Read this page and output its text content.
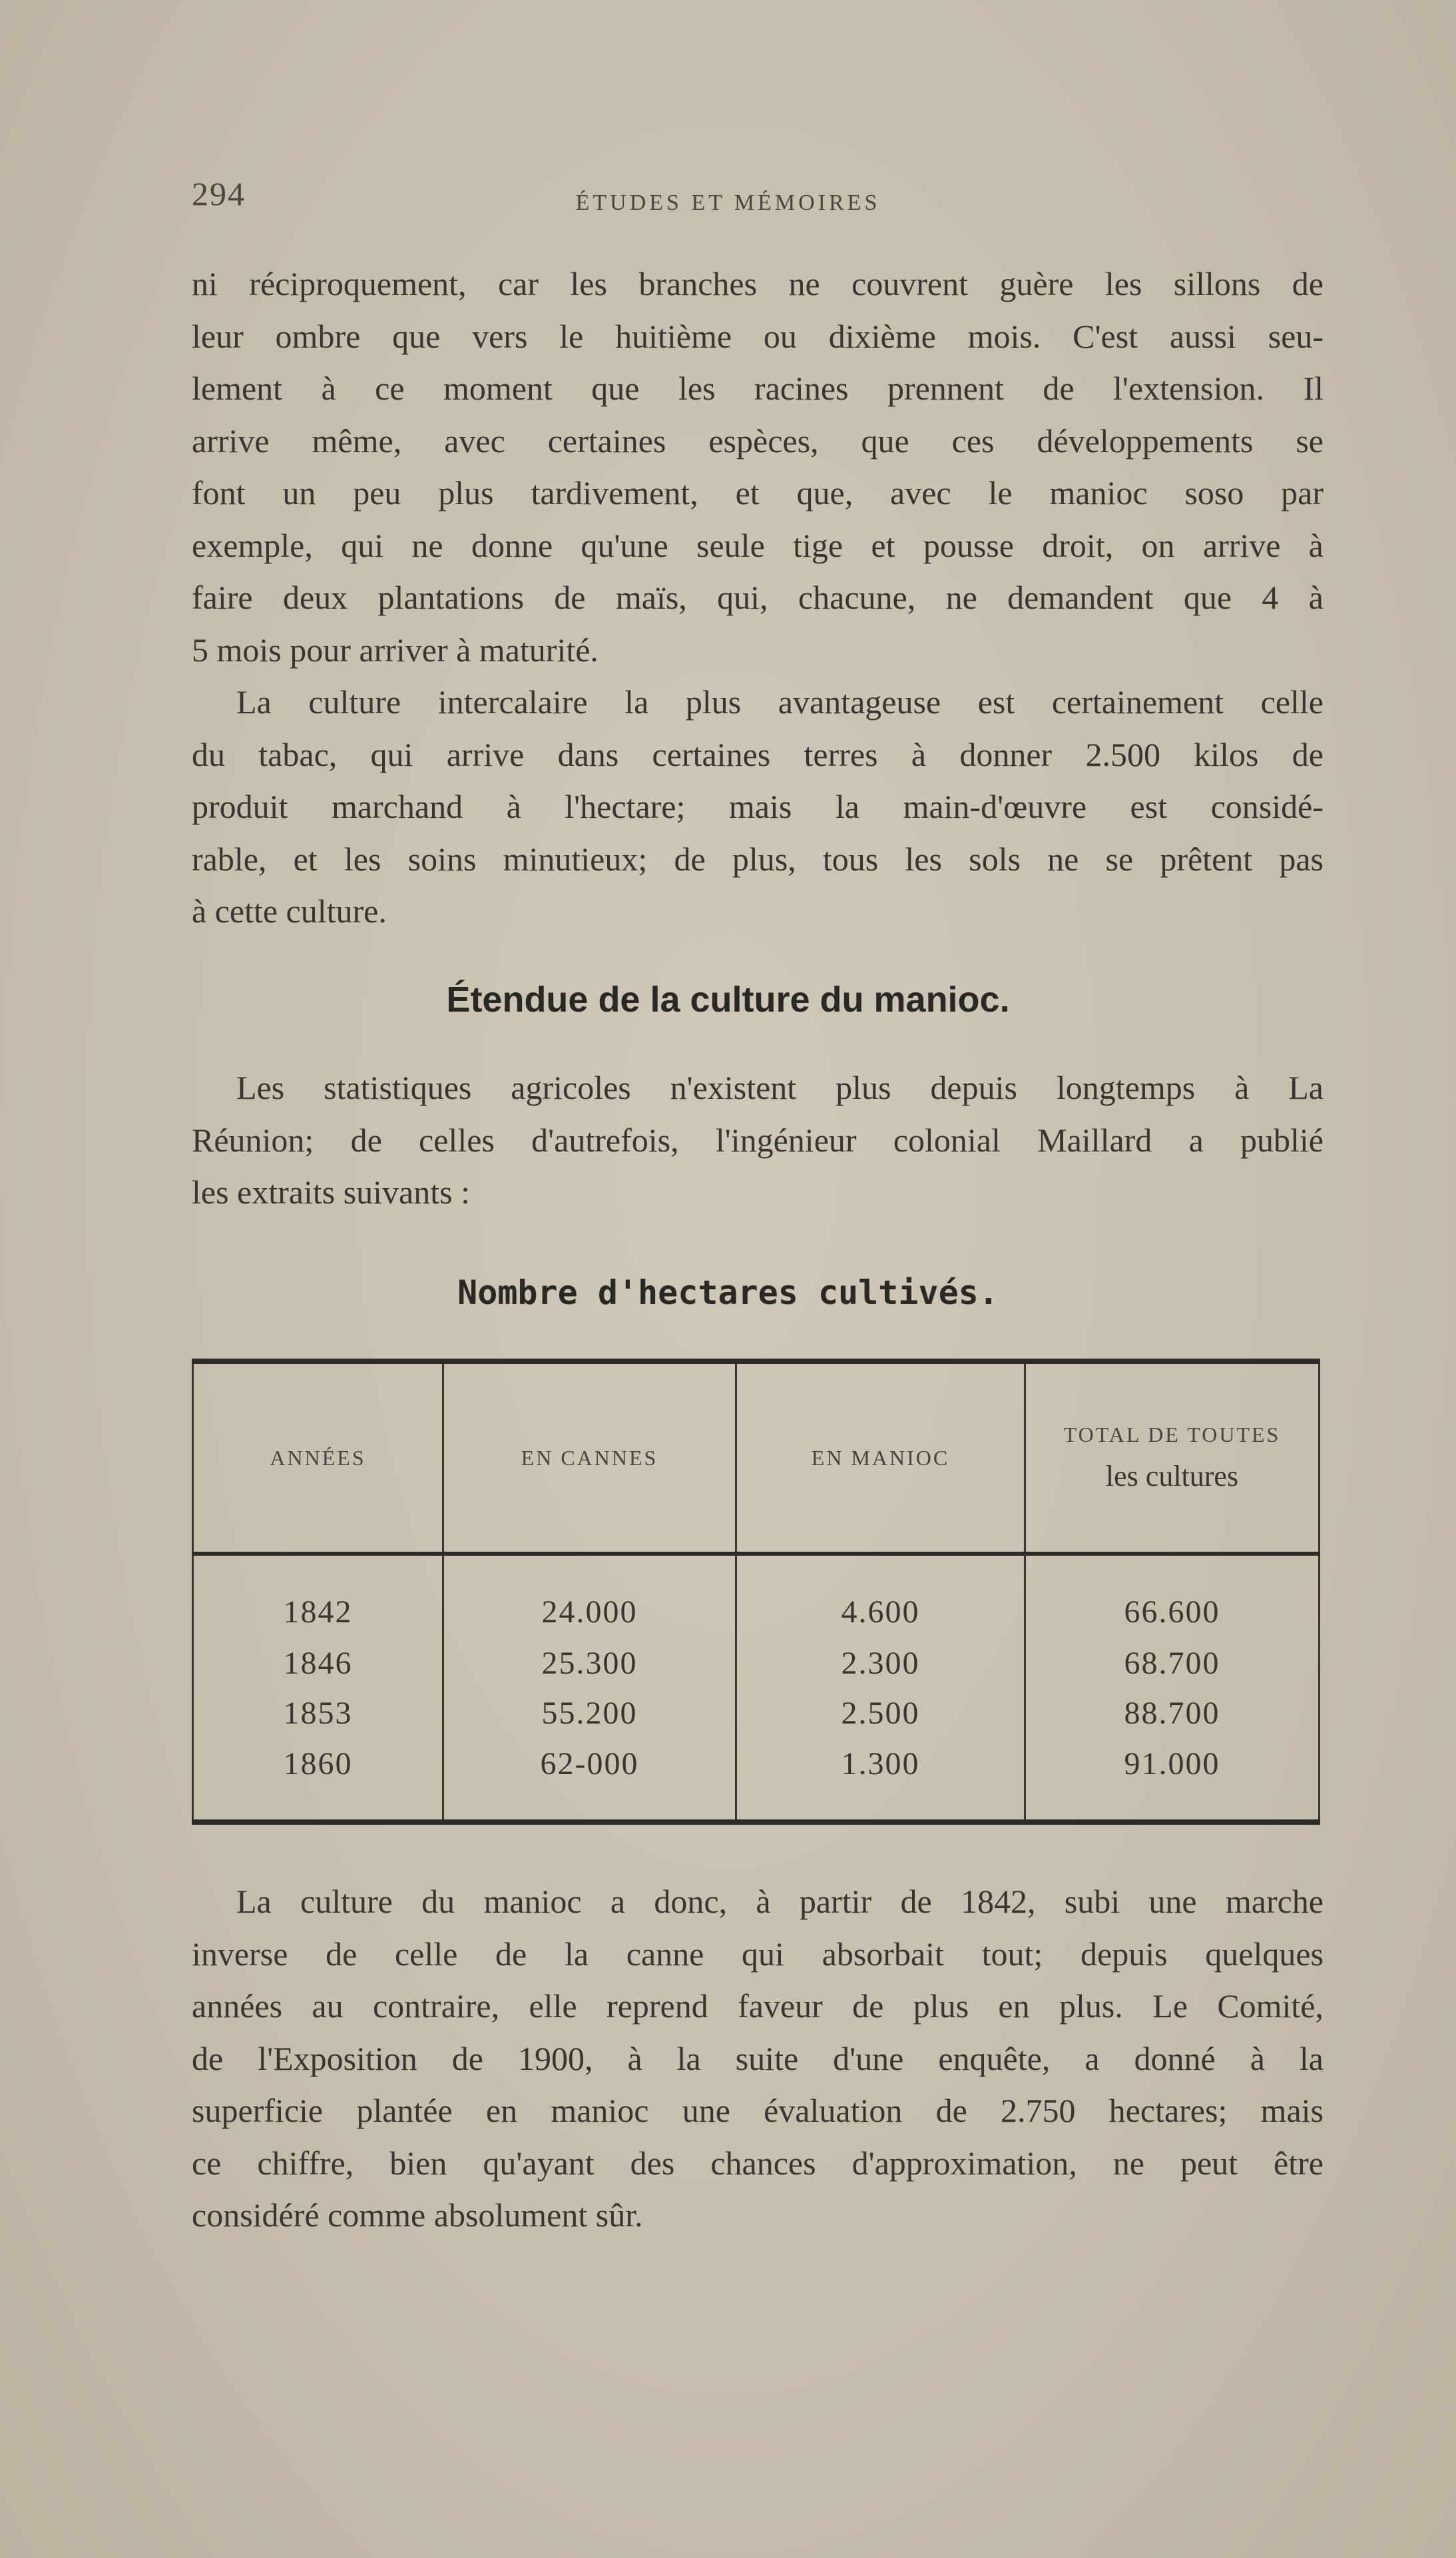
294	ÉTUDES ET MÉMOIRES
ni réciproquement, car les branches ne couvrent guère les sillons de
leur ombre que vers le huitième ou dixième mois. C'est aussi seu-
lement à ce moment que les racines prennent de l'extension. Il
arrive même, avec certaines espèces, que ces développements se
font un peu plus tardivement, et que, avec le manioc soso par
exemple, qui ne donne qu'une seule tige et pousse droit, on arrive à
faire deux plantations de maïs, qui, chacune, ne demandent que 4 à
5 mois pour arriver à maturité.
La culture intercalaire la plus avantageuse est certainement celle
du tabac, qui arrive dans certaines terres à donner 2.500 kilos de
produit marchand à l'hectare; mais la main-d'œuvre est considé-
rable, et les soins minutieux; de plus, tous les sols ne se prêtent pas
à cette culture.
Étendue de la culture du manioc.
Les statistiques agricoles n'existent plus depuis longtemps à La
Réunion; de celles d'autrefois, l'ingénieur colonial Maillard a publié
les extraits suivants :
Nombre d'hectares cultivés.
ANNÉES	EN CANNES	EN MANIOC	TOTAL DE TOUTES
les cultures

1842	24.000	4.600	66.600
1846	25.300	2.300	68.700
1853	55.200	2.500	88.700
1860	62-000	1.300	91.000

La culture du manioc a donc, à partir de 1842, subi une marche
inverse de celle de la canne qui absorbait tout; depuis quelques
années au contraire, elle reprend faveur de plus en plus. Le Comité,
de l'Exposition de 1900, à la suite d'une enquête, a donné à la
superficie plantée en manioc une évaluation de 2.750 hectares; mais
ce chiffre, bien qu'ayant des chances d'approximation, ne peut être
considéré comme absolument sûr.
